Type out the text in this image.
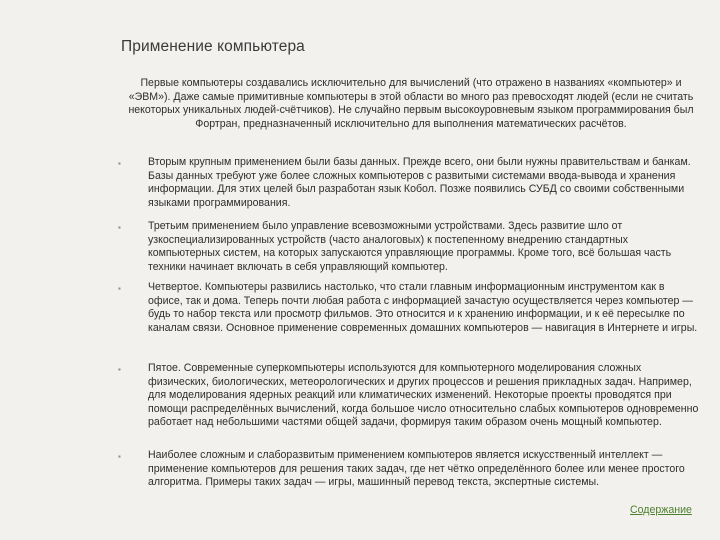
Применение компьютера
Первые компьютеры создавались исключительно для вычислений (что отражено в названиях «компьютер» и «ЭВМ»). Даже самые примитивные компьютеры в этой области во много раз превосходят людей (если не считать некоторых уникальных людей-счётчиков). Не случайно первым высокоуровневым языком программирования был Фортран, предназначенный исключительно для выполнения математических расчётов.
▪	Вторым крупным применением были базы данных. Прежде всего, они были нужны правительствам и банкам. Базы данных требуют уже более сложных компьютеров с развитыми системами ввода-вывода и хранения информации. Для этих целей был разработан язык Кобол. Позже появились СУБД со своими собственными языками программирования.
▪	Третьим применением было управление всевозможными устройствами. Здесь развитие шло от узкоспециализированных устройств (часто аналоговых) к постепенному внедрению стандартных компьютерных систем, на которых запускаются управляющие программы. Кроме того, всё большая часть техники начинает включать в себя управляющий компьютер.
▪	Четвертое. Компьютеры развились настолько, что стали главным информационным инструментом как в офисе, так и дома. Теперь почти любая работа с информацией зачастую осуществляется через компьютер — будь то набор текста или просмотр фильмов. Это относится и к хранению информации, и к её пересылке по каналам связи. Основное применение современных домашних компьютеров — навигация в Интернете и игры.
▪	Пятое. Современные суперкомпьютеры используются для компьютерного моделирования сложных физических, биологических, метеорологических и других процессов и решения прикладных задач. Например, для моделирования ядерных реакций или климатических изменений. Некоторые проекты проводятся при помощи распределённых вычислений, когда большое число относительно слабых компьютеров одновременно работает над небольшими частями общей задачи, формируя таким образом очень мощный компьютер.
▪	Наиболее сложным и слаборазвитым применением компьютеров является искусственный интеллект — применение компьютеров для решения таких задач, где нет чётко определённого более или менее простого алгоритма. Примеры таких задач — игры, машинный перевод текста, экспертные системы.
Содержание
